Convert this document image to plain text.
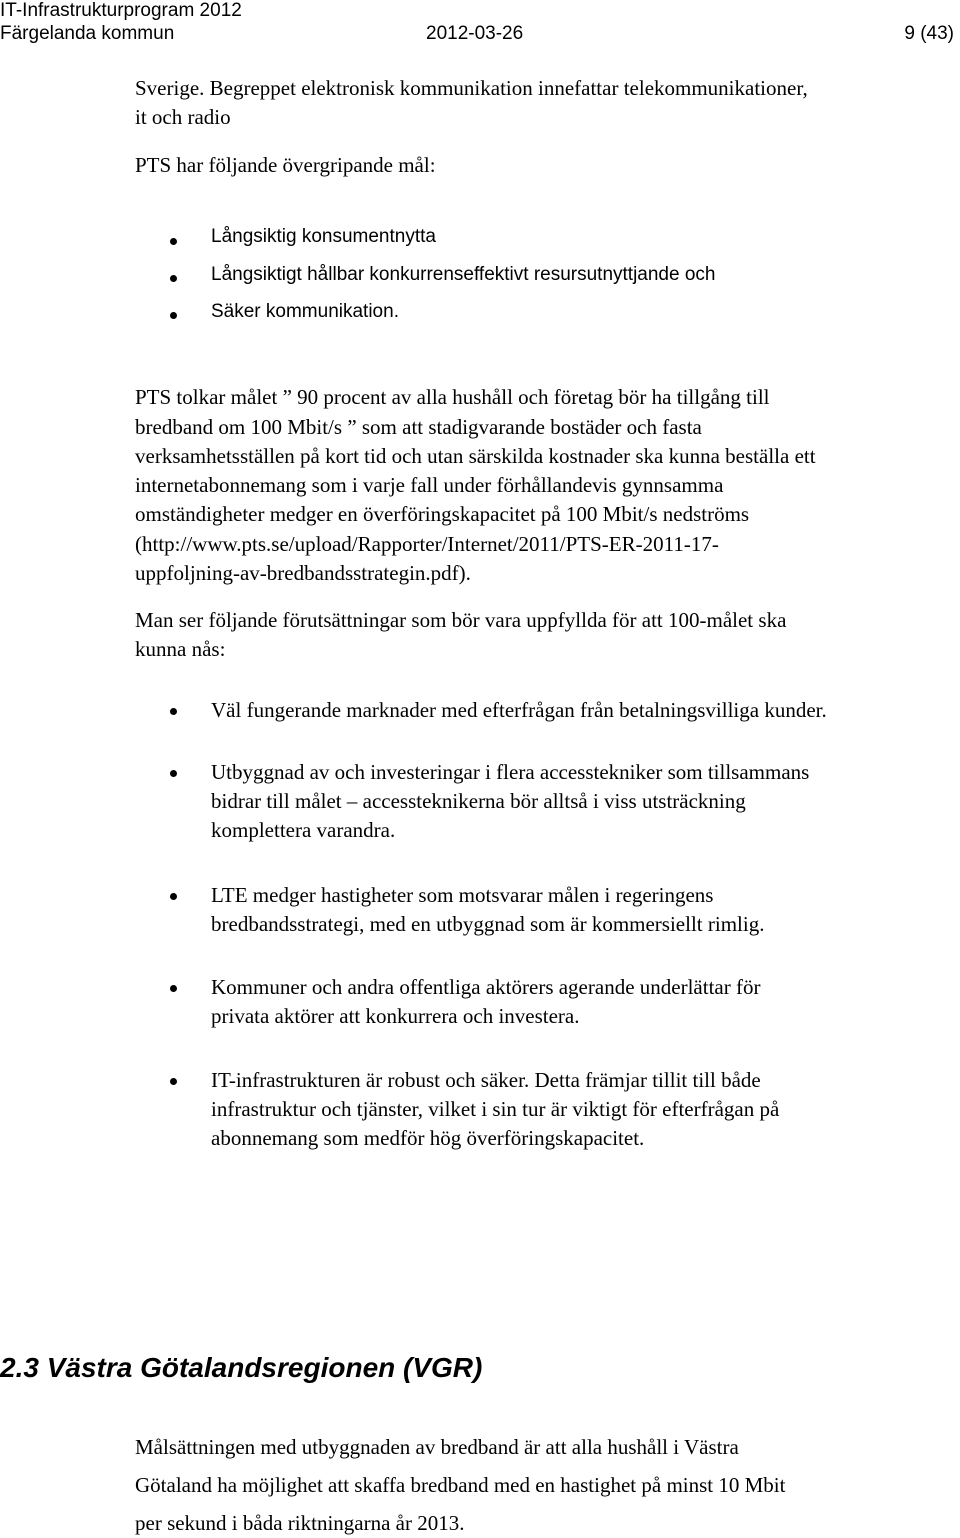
IT-Infrastrukturprogram 2012
Färgelanda kommun	2012-03-26	9 (43)
Sverige. Begreppet elektronisk kommunikation innefattar telekommunikationer,
it och radio
PTS har följande övergripande mål:
Långsiktig konsumentnytta
Långsiktigt hållbar konkurrenseffektivt resursutnyttjande och
Säker kommunikation.
PTS tolkar målet ” 90 procent av alla hushåll och företag bör ha tillgång till
bredband om 100 Mbit/s ” som att stadigvarande bostäder och fasta
verksamhetsställen på kort tid och utan särskilda kostnader ska kunna beställa ett
internetabonnemang som i varje fall under förhållandevis gynnsamma
omständigheter medger en överföringskapacitet på 100 Mbit/s nedströms
(http://www.pts.se/upload/Rapporter/Internet/2011/PTS-ER-2011-17-
uppfoljning-av-bredbandsstrategin.pdf).
Man ser följande förutsättningar som bör vara uppfyllda för att 100-målet ska
kunna nås:
Väl fungerande marknader med efterfrågan från betalningsvilliga kunder.
Utbyggnad av och investeringar i flera accesstekniker som tillsammans
bidrar till målet – accessteknikerna bör alltså i viss utsträckning
komplettera varandra.
LTE medger hastigheter som motsvarar målen i regeringens
bredbandsstrategi, med en utbyggnad som är kommersiellt rimlig.
Kommuner och andra offentliga aktörers agerande underlättar för
privata aktörer att konkurrera och investera.
IT-infrastrukturen är robust och säker. Detta främjar tillit till både
infrastruktur och tjänster, vilket i sin tur är viktigt för efterfrågan på
abonnemang som medför hög överföringskapacitet.
2.3 Västra Götalandsregionen (VGR)
Målsättningen med utbyggnaden av bredband är att alla hushåll i Västra
Götaland ha möjlighet att skaffa bredband med en hastighet på minst 10 Mbit
per sekund i båda riktningarna år 2013.
